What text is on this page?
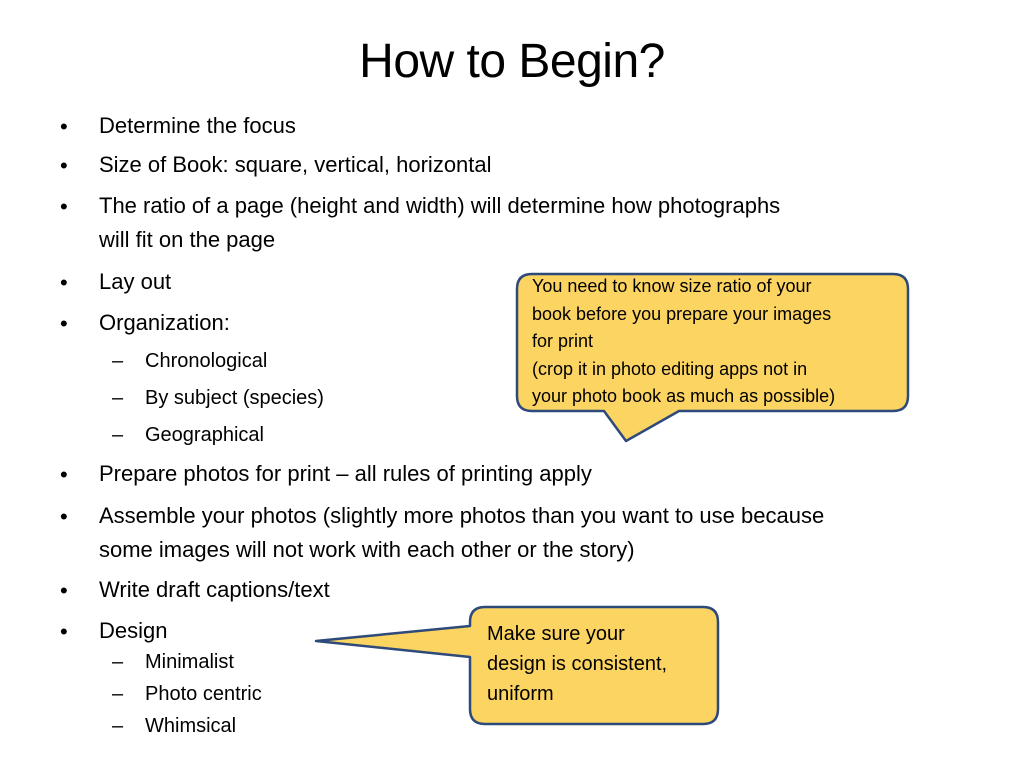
How to Begin?
• Determine the focus
• Size of Book: square, vertical, horizontal
• The ratio of a page (height and width) will determine how photographs
will fit on the page
• Lay out
• Organization:
– Chronological
– By subject (species)
– Geographical
• Prepare photos for print – all rules of printing apply
• Assemble your photos (slightly more photos than you want to use because
some images will not work with each other or the story)
• Write draft captions/text
• Design
– Minimalist
– Photo centric
– Whimsical
You need to know size ratio of your
book before you prepare your images
for print
(crop it in photo editing apps not in
your photo book as much as possible)
Make sure your
design is consistent,
uniform
